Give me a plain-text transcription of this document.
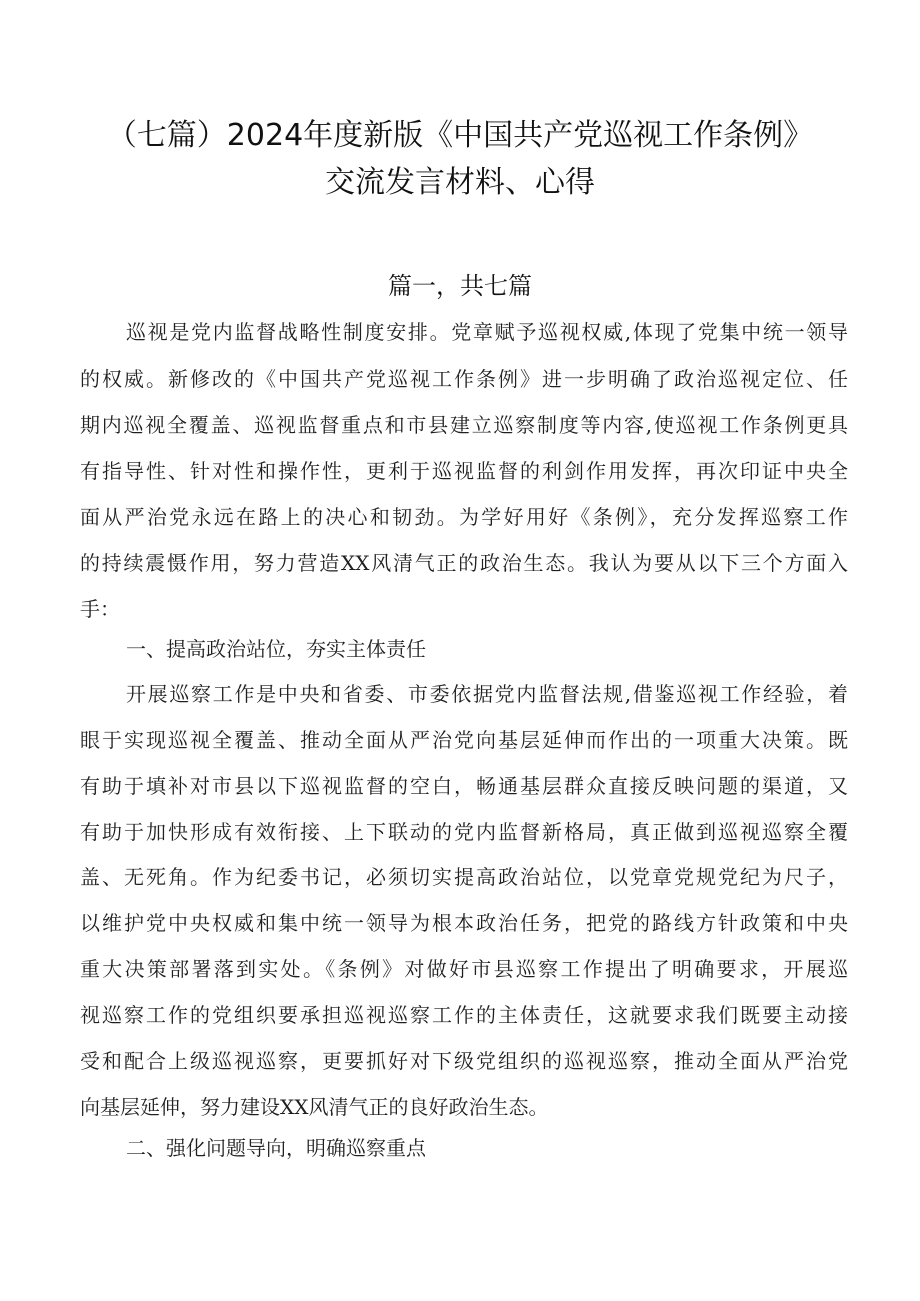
（七篇）2024年度新版《中国共产党巡视工作条例》
交流发言材料、心得
篇一，共七篇
巡视是党内监督战略性制度安排。党章赋予巡视权威,体现了党集中统一领导
的权威。新修改的《中国共产党巡视工作条例》进一步明确了政治巡视定位、任
期内巡视全覆盖、巡视监督重点和市县建立巡察制度等内容,使巡视工作条例更具
有指导性、针对性和操作性，更利于巡视监督的利剑作用发挥，再次印证中央全
面从严治党永远在路上的决心和韧劲。为学好用好《条例》，充分发挥巡察工作
的持续震慑作用，努力营造XX风清气正的政治生态。我认为要从以下三个方面入
手：
一、提高政治站位，夯实主体责任
开展巡察工作是中央和省委、市委依据党内监督法规,借鉴巡视工作经验，着
眼于实现巡视全覆盖、推动全面从严治党向基层延伸而作出的一项重大决策。既
有助于填补对市县以下巡视监督的空白，畅通基层群众直接反映问题的渠道，又
有助于加快形成有效衔接、上下联动的党内监督新格局，真正做到巡视巡察全覆
盖、无死角。作为纪委书记，必须切实提高政治站位，以党章党规党纪为尺子，
以维护党中央权威和集中统一领导为根本政治任务，把党的路线方针政策和中央
重大决策部署落到实处。《条例》对做好市县巡察工作提出了明确要求，开展巡
视巡察工作的党组织要承担巡视巡察工作的主体责任，这就要求我们既要主动接
受和配合上级巡视巡察，更要抓好对下级党组织的巡视巡察，推动全面从严治党
向基层延伸，努力建设XX风清气正的良好政治生态。
二、强化问题导向，明确巡察重点
